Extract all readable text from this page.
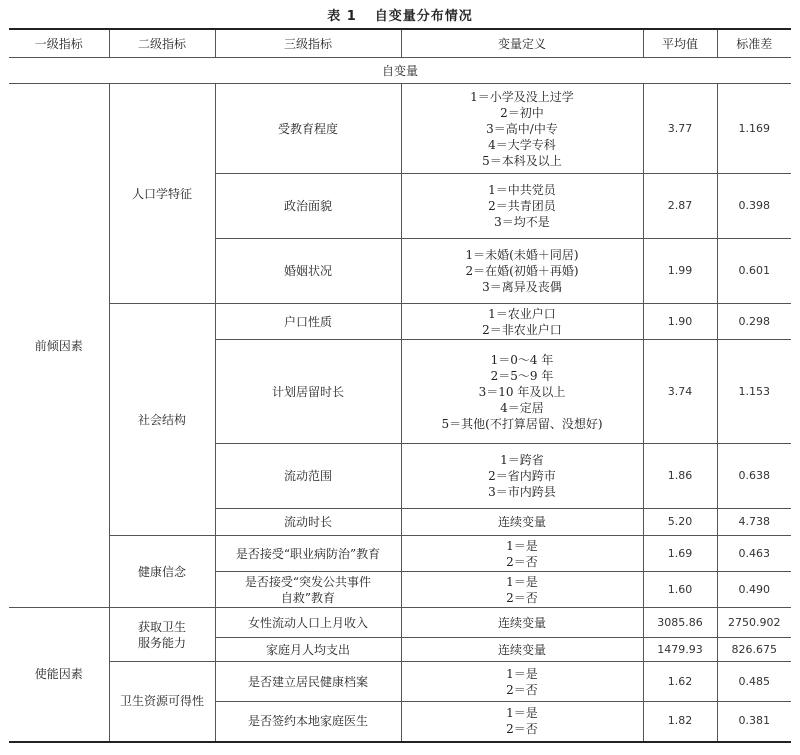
表 1 自变量分布情况
一级指标	二级指标	三级指标	变量定义	平均值	标准差
自变量					
前倾因素	人口学特征	受教育程度	1＝小学及没上过学
2＝初中
3＝高中/中专
4＝大学专科
5＝本科及以上	3.77	1.169

		政治面貌	1＝中共党员
2＝共青团员
3＝均不是	2.87	0.398

		婚姻状况	1＝未婚(未婚＋同居)
2＝在婚(初婚＋再婚)
3＝离异及丧偶	1.99	0.601
	社会结构	户口性质	1＝农业户口
2＝非农业户口	1.90	0.298

		计划居留时长	1＝0～4 年
2＝5～9 年
3＝10 年及以上
4＝定居
5＝其他(不打算居留、没想好)	3.74	1.153

		流动范围	1＝跨省
2＝省内跨市
3＝市内跨县	1.86	0.638

		流动时长	连续变量	5.20	4.738
	健康信念	是否接受“职业病防治”教育	1＝是
2＝否	1.69	0.463

		是否接受“突发公共事件
自救”教育	1＝是
2＝否	1.60	0.490
使能因素	获取卫生
服务能力	女性流动人口上月收入	连续变量	3085.86	2750.902

		家庭月人均支出	连续变量	1479.93	826.675
	卫生资源可得性	是否建立居民健康档案	1＝是
2＝否	1.62	0.485

		是否签约本地家庭医生	1＝是
2＝否	1.82	0.381
